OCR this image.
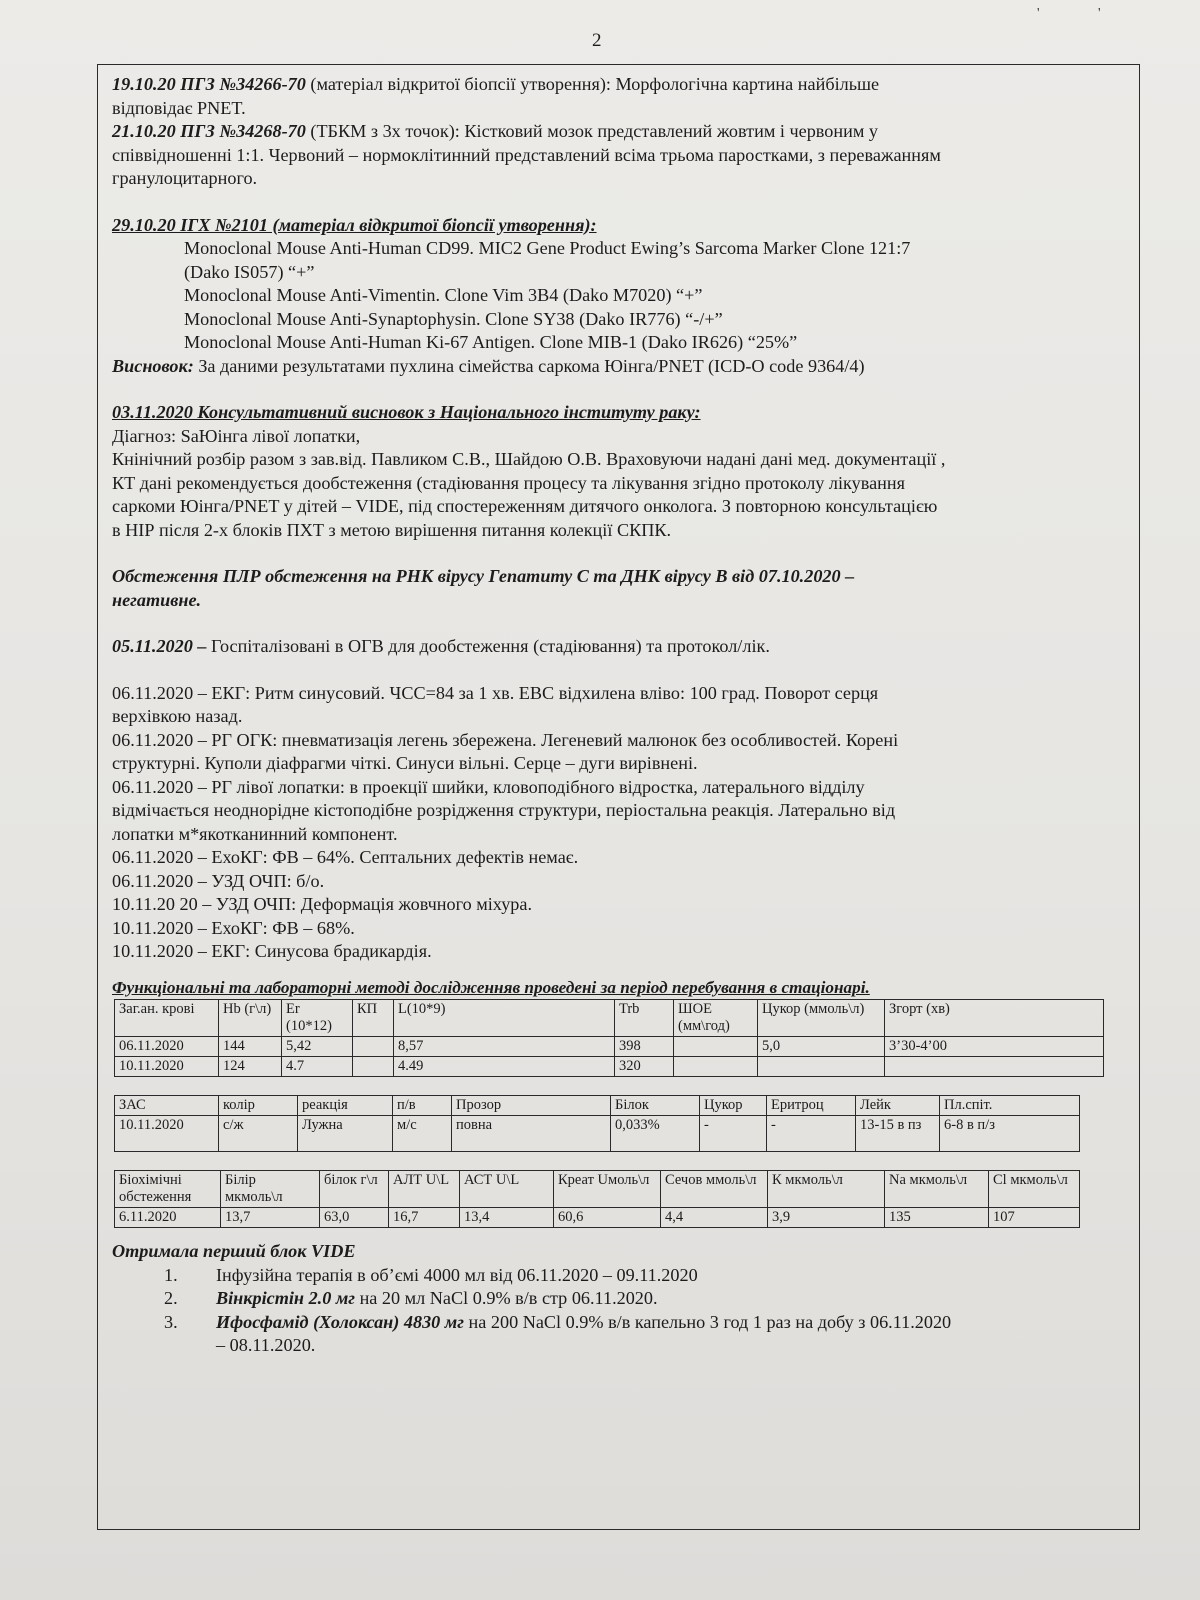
'	'
2

19.10.20 ПГЗ №34266-70 (матеріал відкритої біопсії утворення): Морфологічна картина найбільше

відповідає PNET.

21.10.20 ПГЗ №34268-70 (ТБКМ з 3х точок): Кістковий мозок представлений жовтим і червоним у

співвідношенні 1:1. Червоний – нормоклітинний представлений всіма трьома паростками, з переважанням

гранулоцитарного.

29.10.20 ІГХ №2101 (матеріал відкритої біопсії утворення):

Monoclonal Mouse Anti-Human CD99. MIC2 Gene Product Ewing’s Sarcoma Marker Clone 121:7

(Dako IS057) “+”

Monoclonal Mouse Anti-Vimentin. Clone Vim 3B4 (Dako M7020) “+”

Monoclonal Mouse Anti-Synaptophysin. Clone SY38 (Dako IR776) “-/+”

Monoclonal Mouse Anti-Human Ki-67 Antigen. Clone MIB-1 (Dako IR626) “25%”

Висновок: За даними результатами пухлина сімейства саркома Юінга/PNET (ICD-O code 9364/4)

03.11.2020 Консультативний висновок з Національного інституту раку:

Діагноз: SaЮінга лівої лопатки,

Кнінічний розбір разом з зав.від. Павликом С.В., Шайдою О.В. Враховуючи надані дані мед. документації ,

КТ дані рекомендується дообстеження (стадіювання процесу та лікування згідно протоколу лікування

саркоми Юінга/PNET у дітей – VIDE, під спостереженням дитячого онколога. З повторною консультацією

в НІР після 2-х блоків ПХТ з метою вирішення питання колекції СКПК.

Обстеження ПЛР обстеження на РНК вірусу Гепатиту С та ДНК вірусу В від 07.10.2020 –

негативне.

05.11.2020 – Госпіталізовані в ОГВ для дообстеження (стадіювання) та протокол/лік.

06.11.2020 – ЕКГ: Ритм синусовий. ЧСС=84 за 1 хв. ЕВС відхилена вліво: 100 град. Поворот серця

верхівкою назад.

06.11.2020 – РГ ОГК: пневматизація легень збережена. Легеневий малюнок без особливостей. Корені

структурні. Куполи діафрагми чіткі. Синуси вільні. Серце – дуги вирівнені.

06.11.2020 – РГ лівої лопатки: в проекції шийки, кловоподібного відростка, латерального відділу

відмічається неоднорідне кістоподібне розрідження структури, періостальна реакція. Латерально від

лопатки м*якотканинний компонент.

06.11.2020 – ЕхоКГ: ФВ – 64%. Септальних дефектів немає.

06.11.2020 – УЗД ОЧП: б/о.

10.11.20 20 – УЗД ОЧП: Деформація жовчного міхура.

10.11.2020 – ЕхоКГ: ФВ – 68%.

10.11.2020 – ЕКГ: Синусова брадикардія.

Функціональні та лабораторні методі дослідженняв проведені за період перебування в стаціонарі.

Заг.ан. крові	Hb (г\л)	Er (10*12)	КП	L(10*9)	Trb	ШОЕ (мм\год)	Цукор (ммоль\л)	Згорт (хв)
06.11.2020	144	5,42		8,57	398		5,0	3’30-4’00
10.11.2020	124	4.7		4.49	320			
ЗАС	колір	реакція	п/в	Прозор	Білок	Цукор	Еритроц	Лейк	Пл.спіт.
10.11.2020	с/ж	Лужна	м/с	повна	0,033%	-	-	13-15 в пз	6-8 в п/з
Біохімічні обстеження	Білір мкмоль\л	білок г\л	АЛТ U\L	АСТ U\L	Креат Uмоль\л	Сечов ммоль\л	К мкмоль\л	Na мкмоль\л	Cl мкмоль\л
6.11.2020	13,7	63,0	16,7	13,4	60,6	4,4	3,9	135	107

Отримала перший блок VIDE

1.	Інфузійна терапія в об’ємі 4000 мл від 06.11.2020 – 09.11.2020
2.	Вінкрістін 2.0 мг на 20 мл NaCl 0.9% в/в стр 06.11.2020.
3.	Ифосфамід (Холоксан) 4830 мг на 200 NaCl 0.9% в/в капельно 3 год 1 раз на добу з 06.11.2020
– 08.11.2020.
